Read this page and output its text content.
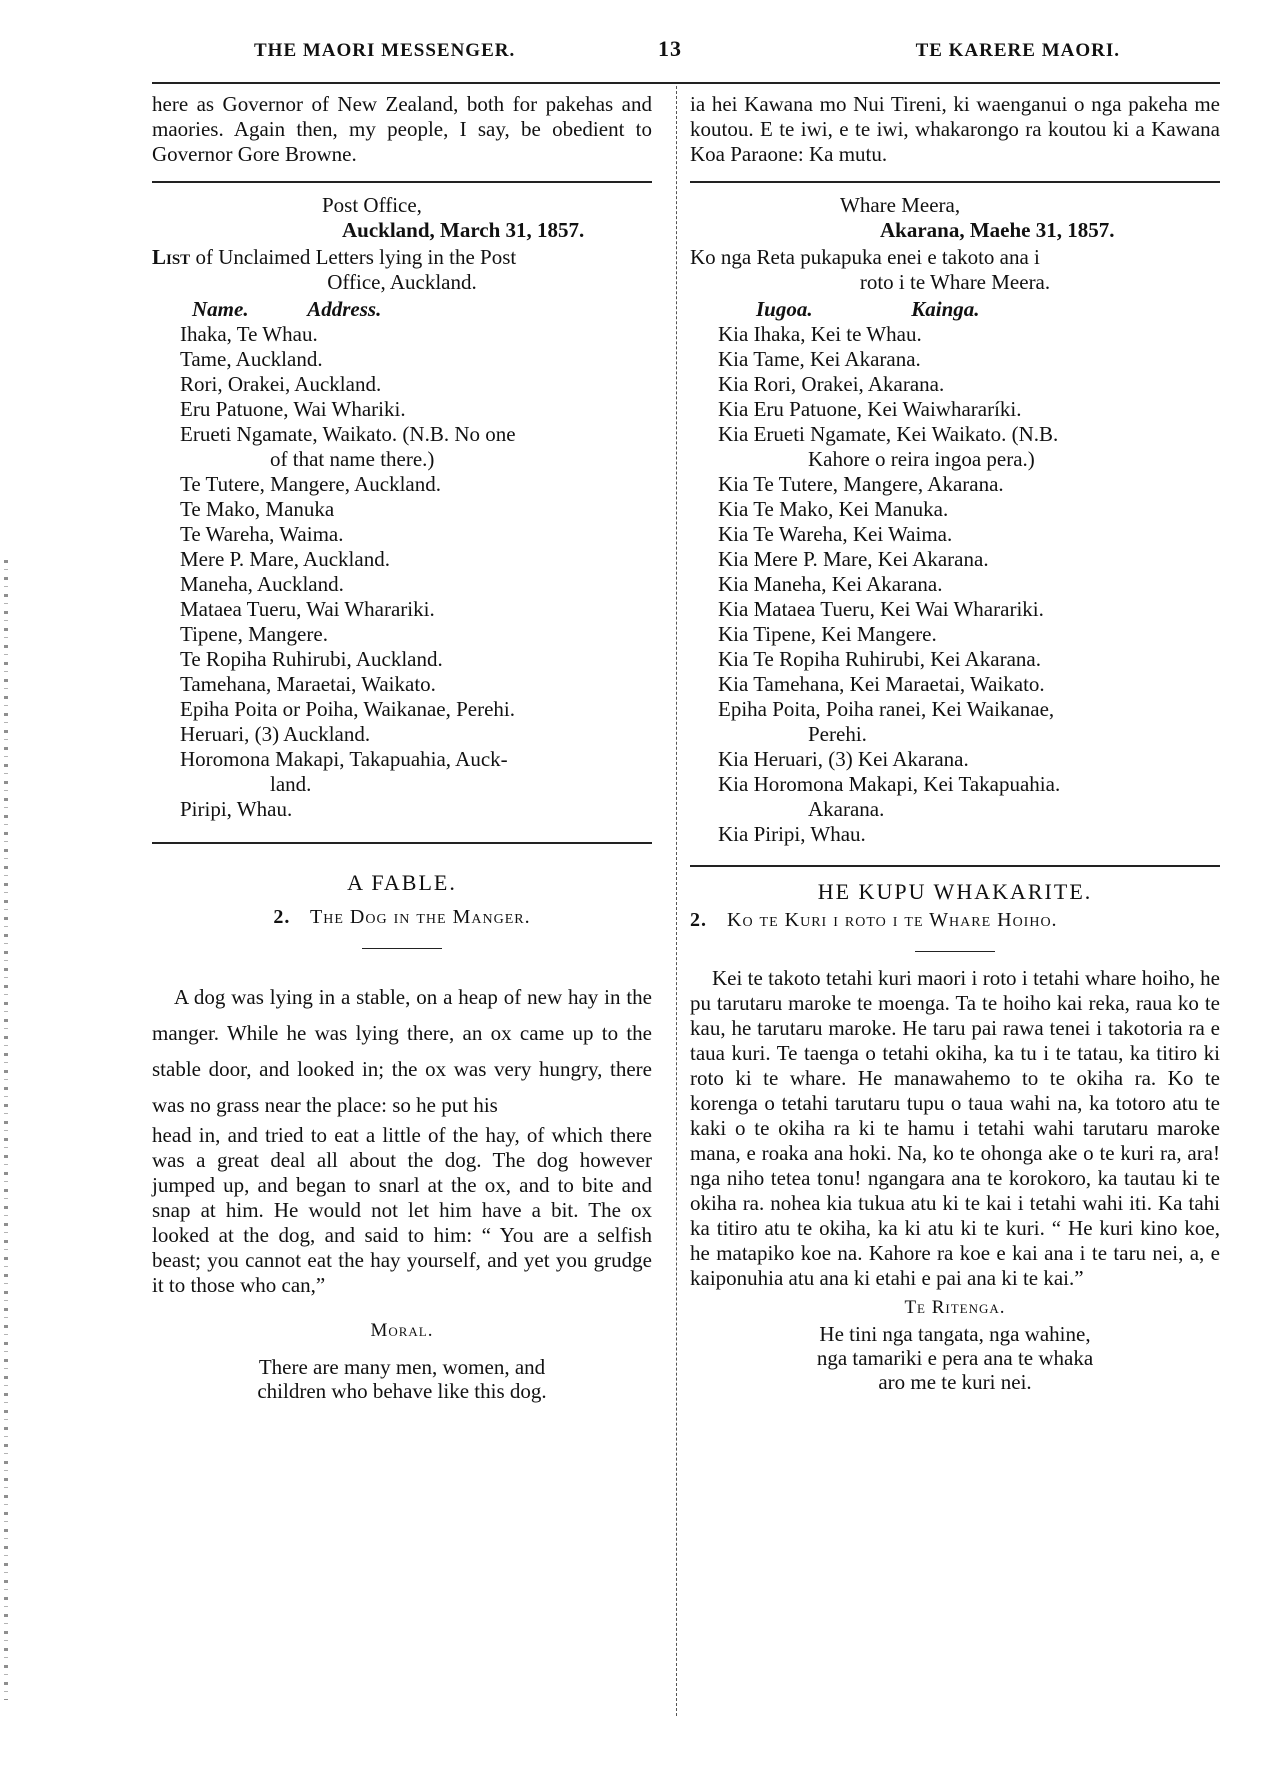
THE MAORI MESSENGER.	13	TE KARERE MAORI.

here as Governor of New Zealand, both for pakehas and maories. Again then, my people, I say, be obedient to Governor Gore Browne.

Post Office,
Auckland, March 31, 1857.
List of Unclaimed Letters lying in the Post
Office, Auckland.
Name.	Address.
Ihaka, Te Whau.
Tame, Auckland.
Rori, Orakei, Auckland.
Eru Patuone, Wai Whariki.
Erueti Ngamate, Waikato. (N.B. No one
of that name there.)
Te Tutere, Mangere, Auckland.
Te Mako, Manuka
Te Wareha, Waima.
Mere P. Mare, Auckland.
Maneha, Auckland.
Mataea Tueru, Wai Wharariki.
Tipene, Mangere.
Te Ropiha Ruhirubi, Auckland.
Tamehana, Maraetai, Waikato.
Epiha Poita or Poiha, Waikanae, Perehi.
Heruari, (3) Auckland.
Horomona Makapi, Takapuahia, Auck-
land.
Piripi, Whau.
A FABLE.
2. The Dog in the Manger.

A dog was lying in a stable, on a heap of new hay in the manger. While he was lying there, an ox came up to the stable door, and looked in; the ox was very hungry, there was no grass near the place: so he put his

head in, and tried to eat a little of the hay, of which there was a great deal all about the dog. The dog however jumped up, and began to snarl at the ox, and to bite and snap at him. He would not let him have a bit. The ox looked at the dog, and said to him: “ You are a selfish beast; you cannot eat the hay yourself, and yet you grudge it to those who can,”

Moral.
There are many men, women, and
children who behave like this dog.

ia hei Kawana mo Nui Tireni, ki waenganui o nga pakeha me koutou. E te iwi, e te iwi, whakarongo ra koutou ki a Kawana Koa Paraone: Ka mutu.

Whare Meera,
Akarana, Maehe 31, 1857.
Ko nga Reta pukapuka enei e takoto ana i
roto i te Whare Meera.
Iugoa.	Kainga.
Kia Ihaka, Kei te Whau.
Kia Tame, Kei Akarana.
Kia Rori, Orakei, Akarana.
Kia Eru Patuone, Kei Waiwhararíki.
Kia Erueti Ngamate, Kei Waikato. (N.B.
Kahore o reira ingoa pera.)
Kia Te Tutere, Mangere, Akarana.
Kia Te Mako, Kei Manuka.
Kia Te Wareha, Kei Waima.
Kia Mere P. Mare, Kei Akarana.
Kia Maneha, Kei Akarana.
Kia Mataea Tueru, Kei Wai Wharariki.
Kia Tipene, Kei Mangere.
Kia Te Ropiha Ruhirubi, Kei Akarana.
Kia Tamehana, Kei Maraetai, Waikato.
Epiha Poita, Poiha ranei, Kei Waikanae,
Perehi.
Kia Heruari, (3) Kei Akarana.
Kia Horomona Makapi, Kei Takapuahia.
Akarana.
Kia Piripi, Whau.
HE KUPU WHAKARITE.
2. Ko te Kuri i roto i te Whare Hoiho.

Kei te takoto tetahi kuri maori i roto i tetahi whare hoiho, he pu tarutaru maroke te moenga. Ta te hoiho kai reka, raua ko te kau, he tarutaru maroke. He taru pai rawa tenei i takotoria ra e taua kuri. Te taenga o tetahi okiha, ka tu i te tatau, ka titiro ki roto ki te whare. He manawahemo to te okiha ra. Ko te korenga o tetahi tarutaru tupu o taua wahi na, ka totoro atu te kaki o te okiha ra ki te hamu i tetahi wahi tarutaru maroke mana, e roaka ana hoki. Na, ko te ohonga ake o te kuri ra, ara! nga niho tetea tonu! ngangara ana te korokoro, ka tautau ki te okiha ra. nohea kia tukua atu ki te kai i tetahi wahi iti. Ka tahi ka titiro atu te okiha, ka ki atu ki te kuri. “ He kuri kino koe, he matapiko koe na. Kahore ra koe e kai ana i te taru nei, a, e kaiponuhia atu ana ki etahi e pai ana ki te kai.”

Te Ritenga.
He tini nga tangata, nga wahine,
nga tamariki e pera ana te whaka
aro me te kuri nei.
